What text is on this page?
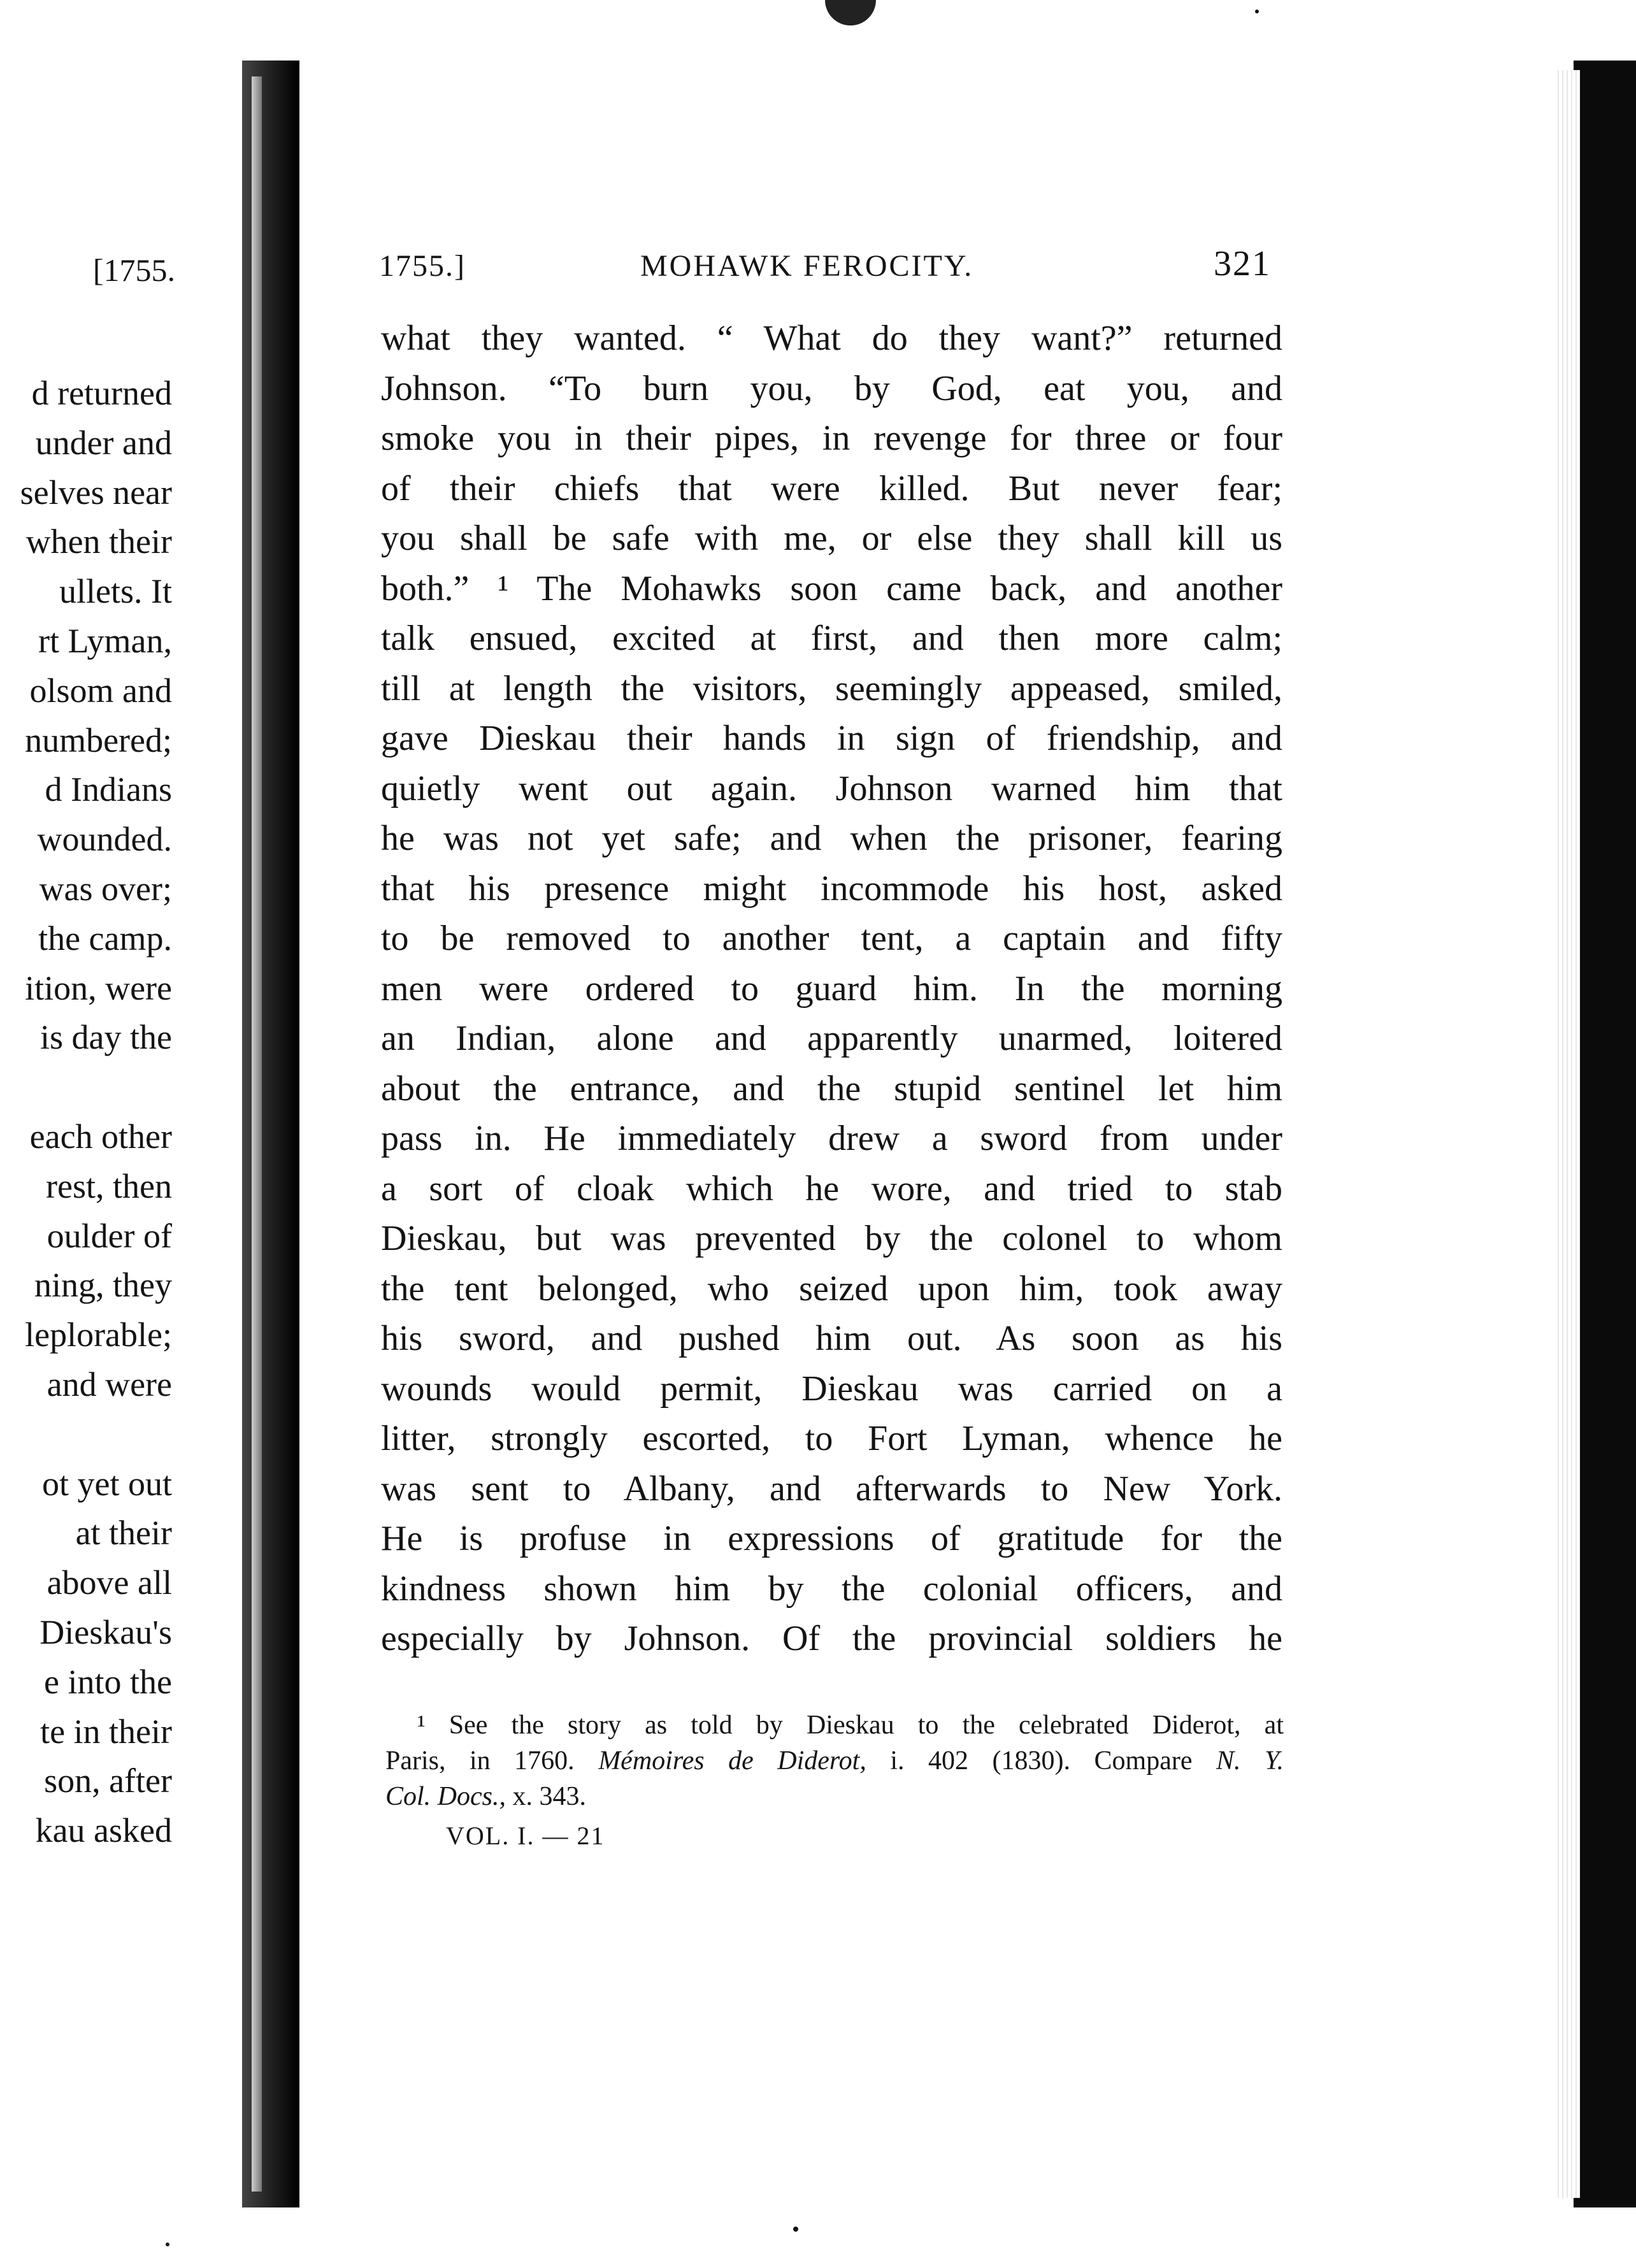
[1755.
d returned
under and
selves near
when their
ullets. It
rt Lyman,
olsom and
numbered;
d Indians
wounded.
was over;
the camp.
ition, were
is day the
each other
rest, then
oulder of
ning, they
leplorable;
and were
ot yet out
at their
above all
Dieskau's
e into the
te in their
son, after
kau asked
1755.]	MOHAWK FEROCITY.	321
what they wanted. “ What do they want?” returned
Johnson. “To burn you, by God, eat you, and
smoke you in their pipes, in revenge for three or four
of their chiefs that were killed. But never fear;
you shall be safe with me, or else they shall kill us
both.” ¹ The Mohawks soon came back, and another
talk ensued, excited at first, and then more calm;
till at length the visitors, seemingly appeased, smiled,
gave Dieskau their hands in sign of friendship, and
quietly went out again. Johnson warned him that
he was not yet safe; and when the prisoner, fearing
that his presence might incommode his host, asked
to be removed to another tent, a captain and fifty
men were ordered to guard him. In the morning
an Indian, alone and apparently unarmed, loitered
about the entrance, and the stupid sentinel let him
pass in. He immediately drew a sword from under
a sort of cloak which he wore, and tried to stab
Dieskau, but was prevented by the colonel to whom
the tent belonged, who seized upon him, took away
his sword, and pushed him out. As soon as his
wounds would permit, Dieskau was carried on a
litter, strongly escorted, to Fort Lyman, whence he
was sent to Albany, and afterwards to New York.
He is profuse in expressions of gratitude for the
kindness shown him by the colonial officers, and
especially by Johnson. Of the provincial soldiers he
¹ See the story as told by Dieskau to the celebrated Diderot, at
Paris, in 1760. Mémoires de Diderot, i. 402 (1830). Compare N. Y.
Col. Docs., x. 343.
VOL. I. — 21
